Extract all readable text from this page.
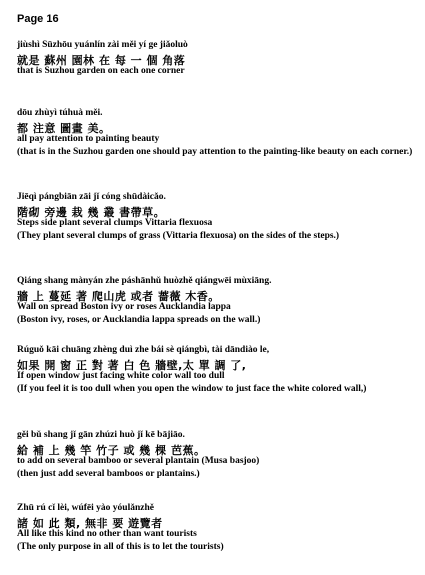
Page 16
jiùshì Sūzhōu yuánlín zài měi yí ge jiǎoluò
就是 蘇州 園林 在 每 一 個 角落
that is Suzhou garden on each one corner
dōu zhùyì túhuà měi.
都 注意 圖畫 美。
all pay attention to painting beauty
(that is in the Suzhou garden one should pay attention to the painting-like beauty on each corner.)
Jiēqì pángbiān zāi jǐ cóng shūdàicǎo.
階砌 旁邊 栽 幾 叢 書帶草。
Steps side plant several clumps Vittaria flexuosa
(They plant several clumps of grass (Vittaria flexuosa) on the sides of the steps.)
Qiáng shang mànyán zhe páshānhǔ huòzhě qiángwēi mùxiāng.
牆 上 蔓延 著 爬山虎 或者 薔薇 木香。
Wall on spread Boston ivy or roses Aucklandia lappa
(Boston ivy, roses, or Aucklandia lappa spreads on the wall.)
Rúguǒ kāi chuāng zhèng duì zhe bái sè qiángbì, tài dāndiào le,
如果 開 窗 正 對 著 白 色 牆壁,太 單 調 了,
If open window just facing white color wall too dull
(If you feel it is too dull when you open the window to just face the white colored wall,)
gěi bǔ shang jǐ gān zhúzi huò jǐ kē bājiāo.
給 補 上 幾 竿 竹子 或 幾 棵 芭蕉。
to add on several bamboo or several plantain (Musa basjoo)
(then just add several bamboos or plantains.)
Zhū rú cǐ lèi, wúfēi yào yóulǎnzhě
諸 如 此 類, 無非 要 遊覽者
All like this kind no other than want tourists
(The only purpose in all of this is to let the tourists)
